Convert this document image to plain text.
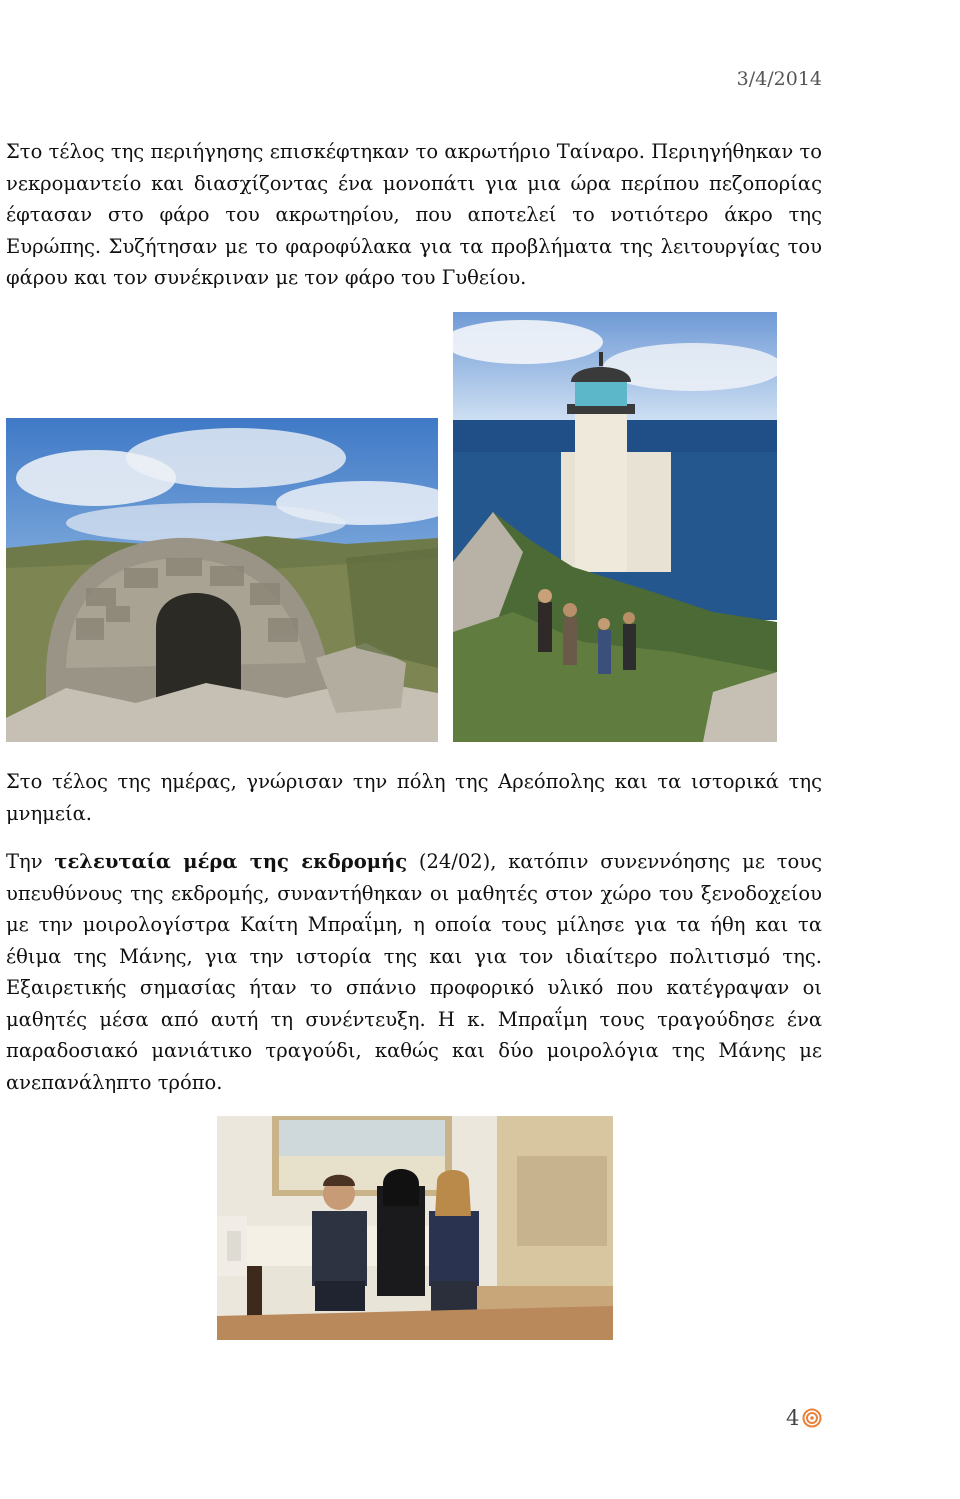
3/4/2014

Στο τέλος της περιήγησης επισκέφτηκαν το ακρωτήριο Ταίναρο. Περιηγήθηκαν το νεκρομαντείο και διασχίζοντας ένα μονοπάτι για μια ώρα περίπου πεζοπορίας έφτασαν στο φάρο του ακρωτηρίου, που αποτελεί το νοτιότερο άκρο της Ευρώπης. Συζήτησαν με το φαροφύλακα για τα προβλήματα της λειτουργίας του φάρου και τον συνέκριναν με τον φάρο του Γυθείου.

Στο τέλος της ημέρας, γνώρισαν την πόλη της Αρεόπολης και τα ιστορικά της μνημεία.

Την τελευταία μέρα της εκδρομής (24/02), κατόπιν συνεννόησης με τους υπευθύνους της εκδρομής, συναντήθηκαν οι μαθητές στον χώρο του ξενοδοχείου με την μοιρολογίστρα Καίτη Μπραΐμη, η οποία τους μίλησε για τα ήθη και τα έθιμα της Μάνης, για την ιστορία της και για τον ιδιαίτερο πολιτισμό της. Εξαιρετικής σημασίας ήταν το σπάνιο προφορικό υλικό που κατέγραψαν οι μαθητές μέσα από αυτή τη συνέντευξη. Η κ. Μπραΐμη τους τραγούδησε ένα παραδοσιακό μανιάτικο τραγούδι, καθώς και δύο μοιρολόγια της Μάνης με ανεπανάληπτο τρόπο.

4
